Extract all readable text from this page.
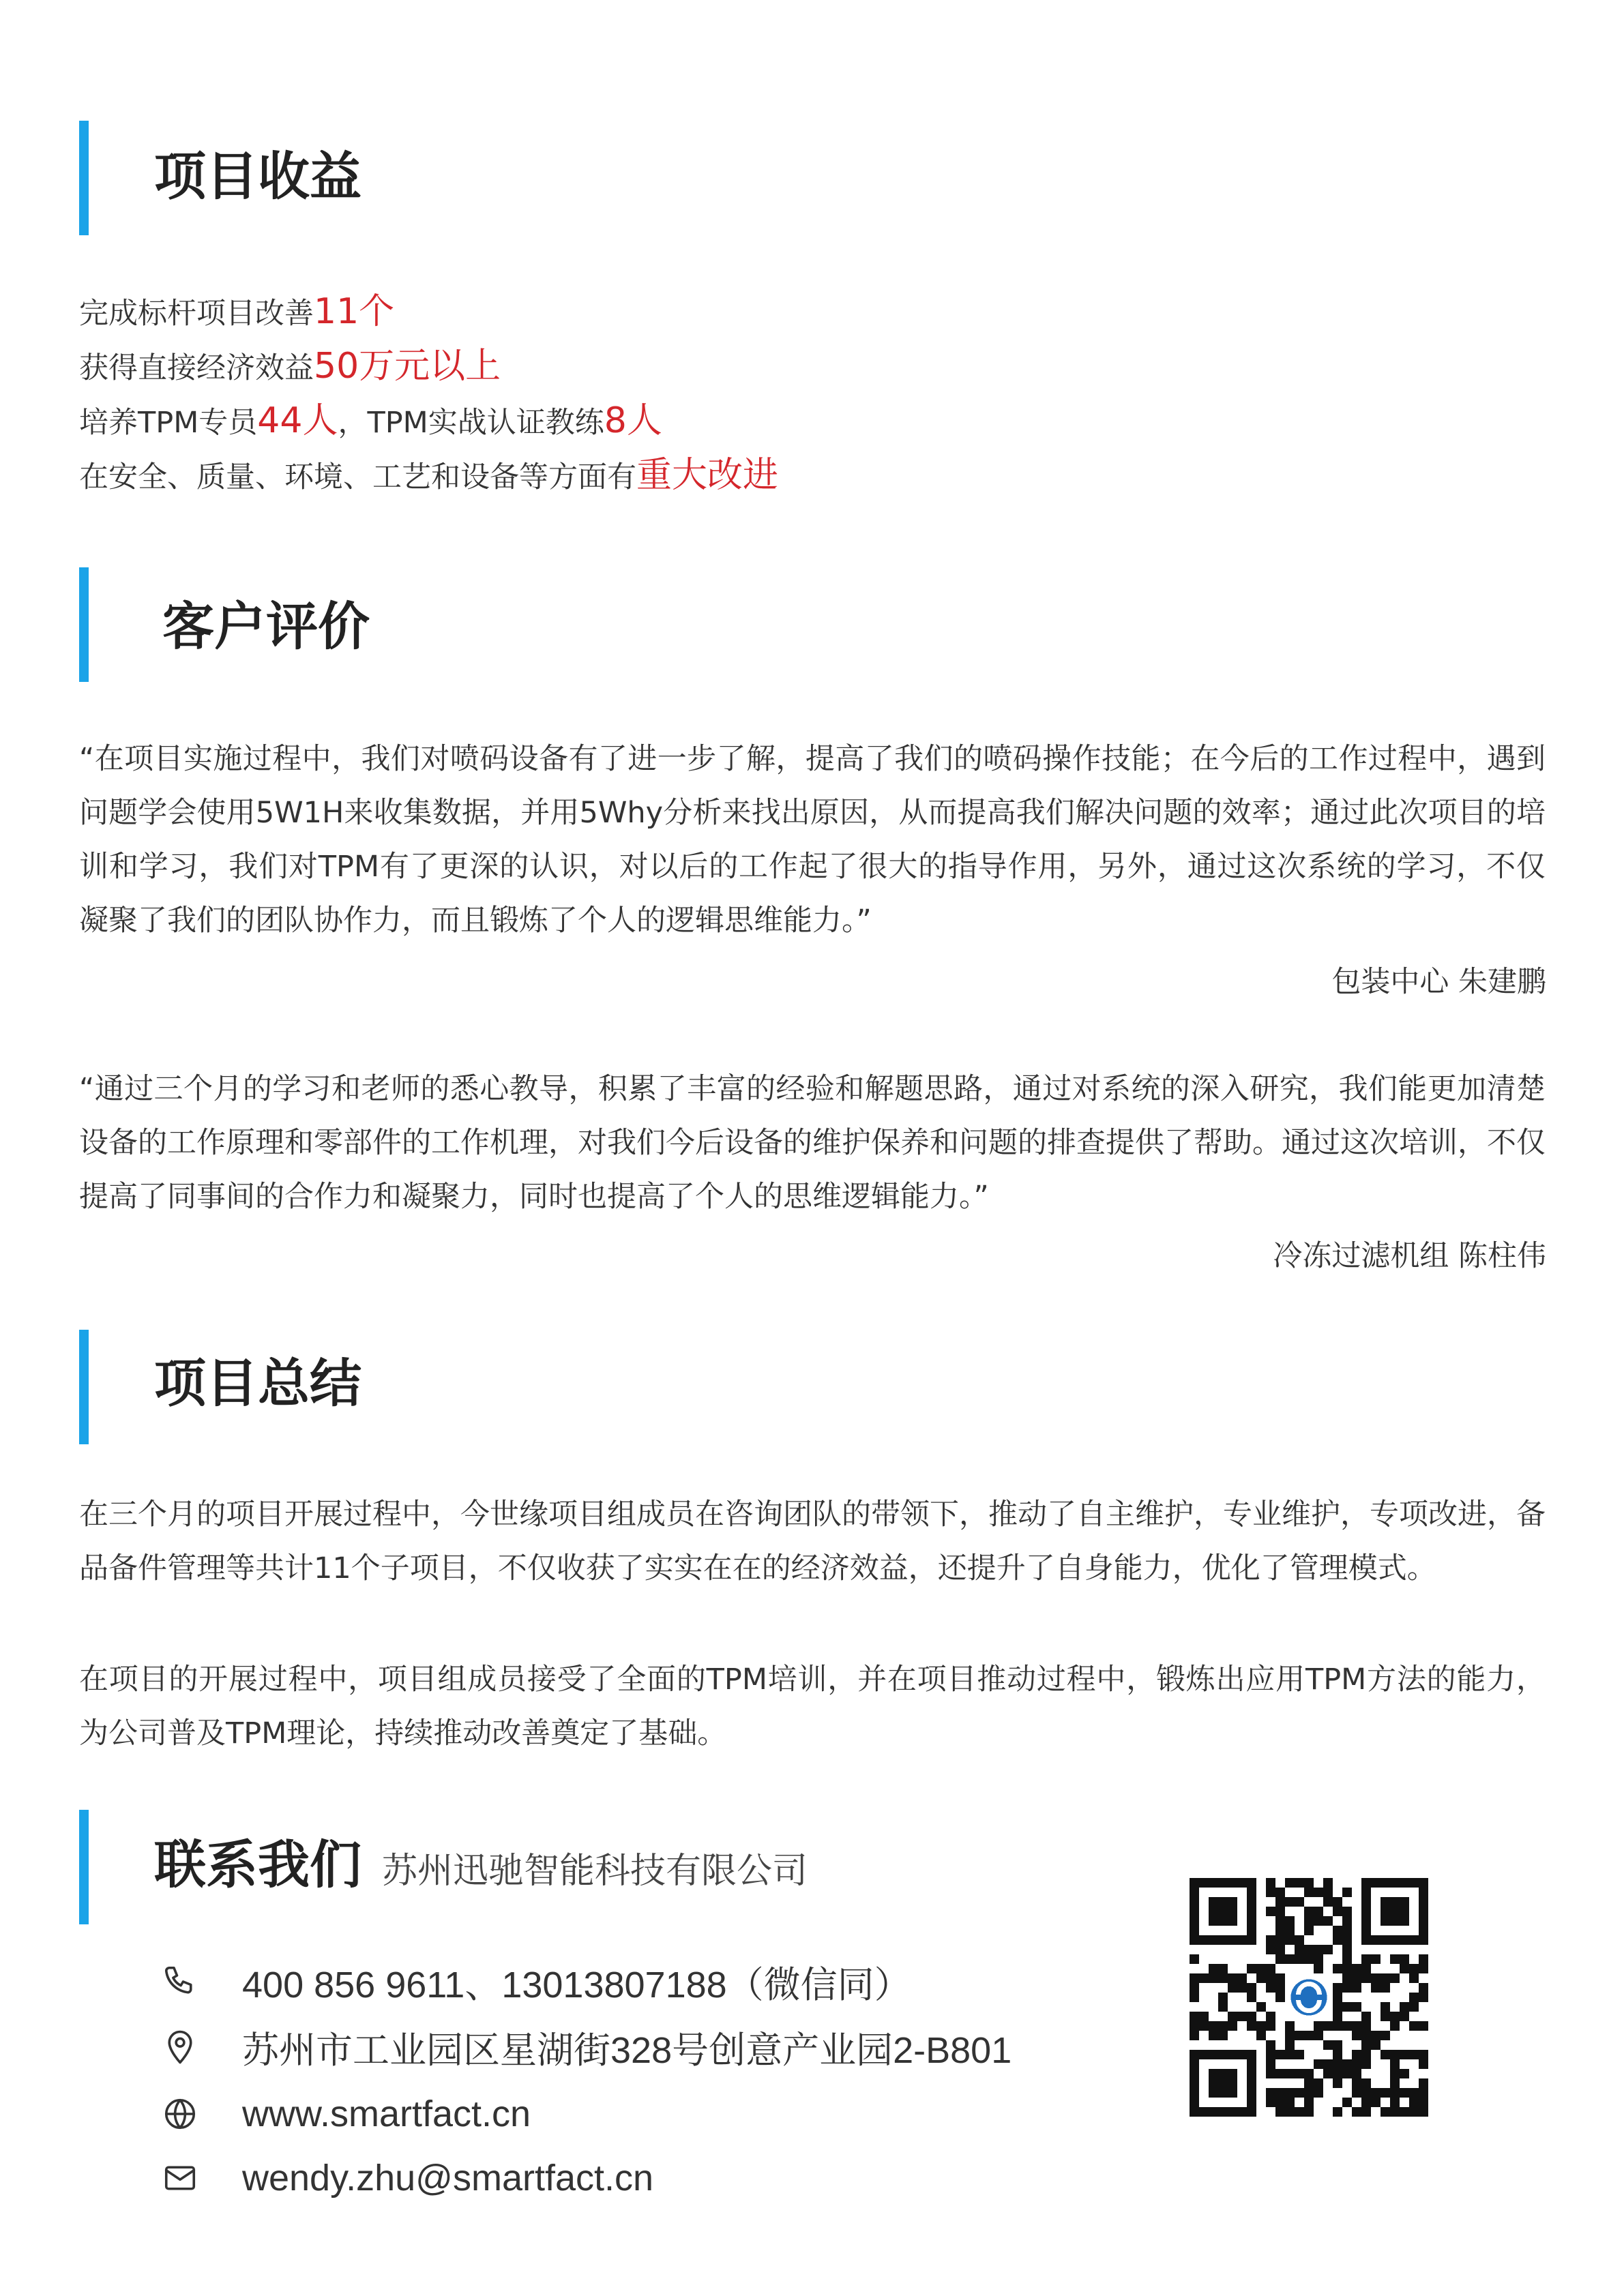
项目收益

完成标杆项目改善11个

获得直接经济效益50万元以上

培养TPM专员44人，TPM实战认证教练8人

在安全、质量、环境、工艺和设备等方面有重大改进

客户评价

“在项目实施过程中，我们对喷码设备有了进一步了解，提高了我们的喷码操作技能；在今后的工作过程中，遇到问题学会使用5W1H来收集数据，并用5Why分析来找出原因，从而提高我们解决问题的效率；通过此次项目的培训和学习，我们对TPM有了更深的认识，对以后的工作起了很大的指导作用，另外，通过这次系统的学习，不仅凝聚了我们的团队协作力，而且锻炼了个人的逻辑思维能力。”

包装中心 朱建鹏

“通过三个月的学习和老师的悉心教导，积累了丰富的经验和解题思路，通过对系统的深入研究，我们能更加清楚设备的工作原理和零部件的工作机理，对我们今后设备的维护保养和问题的排查提供了帮助。通过这次培训，不仅提高了同事间的合作力和凝聚力，同时也提高了个人的思维逻辑能力。”

冷冻过滤机组 陈柱伟

项目总结

在三个月的项目开展过程中，今世缘项目组成员在咨询团队的带领下，推动了自主维护，专业维护，专项改进，备品备件管理等共计11个子项目，不仅收获了实实在在的经济效益，还提升了自身能力，优化了管理模式。

在项目的开展过程中，项目组成员接受了全面的TPM培训，并在项目推动过程中，锻炼出应用TPM方法的能力，为公司普及TPM理论，持续推动改善奠定了基础。

联系我们 苏州迅驰智能科技有限公司
400 856 9611、13013807188（微信同）
苏州市工业园区星湖街328号创意产业园2-B801
www.smartfact.cn
wendy.zhu@smartfact.cn
